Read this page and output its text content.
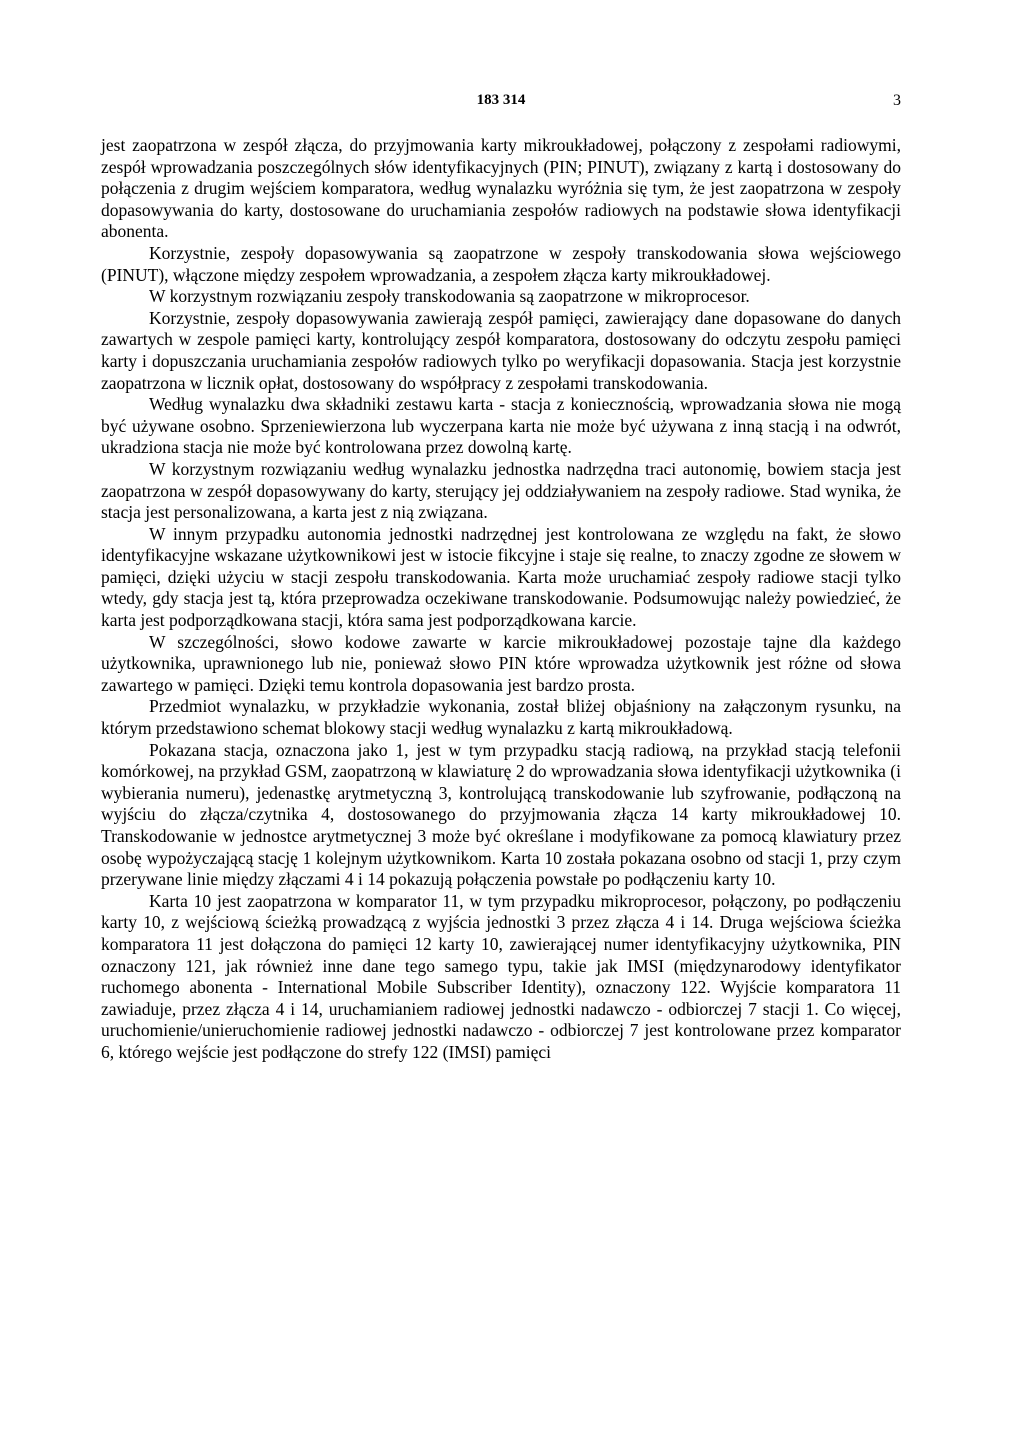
183 314	3

jest zaopatrzona w zespół złącza, do przyjmowania karty mikroukładowej, połączony z zespołami radiowymi, zespół wprowadzania poszczególnych słów identyfikacyjnych (PIN; PINUT), związany z kartą i dostosowany do połączenia z drugim wejściem komparatora, według wynalazku wyróżnia się tym, że jest zaopatrzona w zespoły dopasowywania do karty, dostosowane do uruchamiania zespołów radiowych na podstawie słowa identyfikacji abonenta.

Korzystnie, zespoły dopasowywania są zaopatrzone w zespoły transkodowania słowa wejściowego (PINUT), włączone między zespołem wprowadzania, a zespołem złącza karty mikroukładowej.

W korzystnym rozwiązaniu zespoły transkodowania są zaopatrzone w mikroprocesor.

Korzystnie, zespoły dopasowywania zawierają zespół pamięci, zawierający dane dopasowane do danych zawartych w zespole pamięci karty, kontrolujący zespół komparatora, dostosowany do odczytu zespołu pamięci karty i dopuszczania uruchamiania zespołów radiowych tylko po weryfikacji dopasowania. Stacja jest korzystnie zaopatrzona w licznik opłat, dostosowany do współpracy z zespołami transkodowania.

Według wynalazku dwa składniki zestawu karta - stacja z koniecznością, wprowadzania słowa nie mogą być używane osobno. Sprzeniewierzona lub wyczerpana karta nie może być używana z inną stacją i na odwrót, ukradziona stacja nie może być kontrolowana przez dowolną kartę.

W korzystnym rozwiązaniu według wynalazku jednostka nadrzędna traci autonomię, bowiem stacja jest zaopatrzona w zespół dopasowywany do karty, sterujący jej oddziaływaniem na zespoły radiowe. Stad wynika, że stacja jest personalizowana, a karta jest z nią związana.

W innym przypadku autonomia jednostki nadrzędnej jest kontrolowana ze względu na fakt, że słowo identyfikacyjne wskazane użytkownikowi jest w istocie fikcyjne i staje się realne, to znaczy zgodne ze słowem w pamięci, dzięki użyciu w stacji zespołu transkodowania. Karta może uruchamiać zespoły radiowe stacji tylko wtedy, gdy stacja jest tą, która przeprowadza oczekiwane transkodowanie. Podsumowując należy powiedzieć, że karta jest podporządkowana stacji, która sama jest podporządkowana karcie.

W szczególności, słowo kodowe zawarte w karcie mikroukładowej pozostaje tajne dla każdego użytkownika, uprawnionego lub nie, ponieważ słowo PIN które wprowadza użytkownik jest różne od słowa zawartego w pamięci. Dzięki temu kontrola dopasowania jest bardzo prosta.

Przedmiot wynalazku, w przykładzie wykonania, został bliżej objaśniony na załączonym rysunku, na którym przedstawiono schemat blokowy stacji według wynalazku z kartą mikroukładową.

Pokazana stacja, oznaczona jako 1, jest w tym przypadku stacją radiową, na przykład stacją telefonii komórkowej, na przykład GSM, zaopatrzoną w klawiaturę 2 do wprowadzania słowa identyfikacji użytkownika (i wybierania numeru), jedenastkę arytmetyczną 3, kontrolującą transkodowanie lub szyfrowanie, podłączoną na wyjściu do złącza/czytnika 4, dostosowanego do przyjmowania złącza 14 karty mikroukładowej 10. Transkodowanie w jednostce arytmetycznej 3 może być określane i modyfikowane za pomocą klawiatury przez osobę wypożyczającą stację 1 kolejnym użytkownikom. Karta 10 została pokazana osobno od stacji 1, przy czym przerywane linie między złączami 4 i 14 pokazują połączenia powstałe po podłączeniu karty 10.

Karta 10 jest zaopatrzona w komparator 11, w tym przypadku mikroprocesor, połączony, po podłączeniu karty 10, z wejściową ścieżką prowadzącą z wyjścia jednostki 3 przez złącza 4 i 14. Druga wejściowa ścieżka komparatora 11 jest dołączona do pamięci 12 karty 10, zawierającej numer identyfikacyjny użytkownika, PIN oznaczony 121, jak również inne dane tego samego typu, takie jak IMSI (międzynarodowy identyfikator ruchomego abonenta - International Mobile Subscriber Identity), oznaczony 122. Wyjście komparatora 11 zawiaduje, przez złącza 4 i 14, uruchamianiem radiowej jednostki nadawczo - odbiorczej 7 stacji 1. Co więcej, uruchomienie/unieruchomienie radiowej jednostki nadawczo - odbiorczej 7 jest kontrolowane przez komparator 6, którego wejście jest podłączone do strefy 122 (IMSI) pamięci
